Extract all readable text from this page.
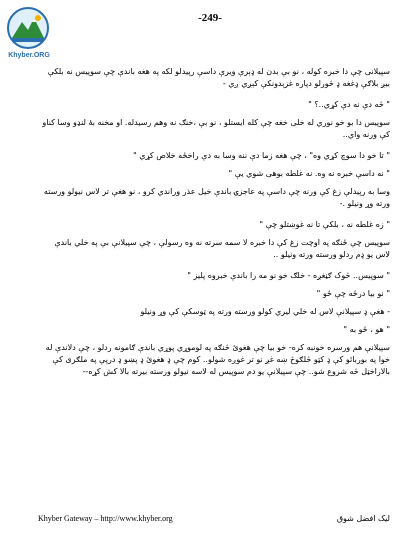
Khyber.ORG
-249-

سپیلانی چې دا خبره کوله ، نو بې بدن له ډېرې ویرې داسې رپیدلو لکه په هغه باندې چې سوپیس نه بلکې بیږ بلاګې ډغغه ډ څورلو دپاره غزېدونکې کېږي ږي -

" څه دې نه دې کړي..؟ "

سوپیس دا بو خو نوري له خلی خغه چې کله ایستلو ، نو بې ،خنګ نه وهم رسیدله. او مخنه بهٔ لنډو وسا کناو کې ورنه واي..

" تا خو دا سوچ کړي وه" ، چې هغه زما دې ننه وسا به دې راخځه خلاص کړي "

" نه داسې خبره نه وه. نه غلطه بوهی شوي یې "

وسا به رپیدلې زغ کې ورنه چې داسې په عاجزۍ باندې خیل عذر وراندي کرو ، نو هغې تر لاس نیولو ورسته ورته وړ ونیلو .-

" زه غلطه نه ، بلکې تا نه غوښتلو چې "

سوپیس چې ځنګه په اوچت زغ کې دا خبره لا سمه سرته نه وه رسولې ، چې سپیلانې بې په خلي باندې لاس یو ډم ردلو ورسته ورته ونیلو ..

" سوپیس.. څوک ګڼغږه - خلګ خو نو مه را باندې خبروه پلیز "

" نو بیا درځه چې ځو "

- هغې ډ سپیلانې لاس له خلي لیري کولو ورسته ورته په ټوسکې کې وړ ونیلو

" هو ، ځو به "

سپیلانې هم ورسره خونبه کره- خو بیا چې هغوئ څنګه په لوموړي پوړي باندې ګامونه ردلو ، چې دلاندې له خوا په بوربائو کې ډ کټو څلګوڅ ښه غږ نو تر غوږه شولو.. کوم چې ډ هغوئ ډ پښو ډ درپې په ملګری کې بالاراخټل څه شروع شو.. چې سپیلانې یو دم سوپیس له لاسه نیولو ورسته بیرته بالا کش کړه--

Khyber Gateway – http://www.khyber.org	لیک افضل شوق
